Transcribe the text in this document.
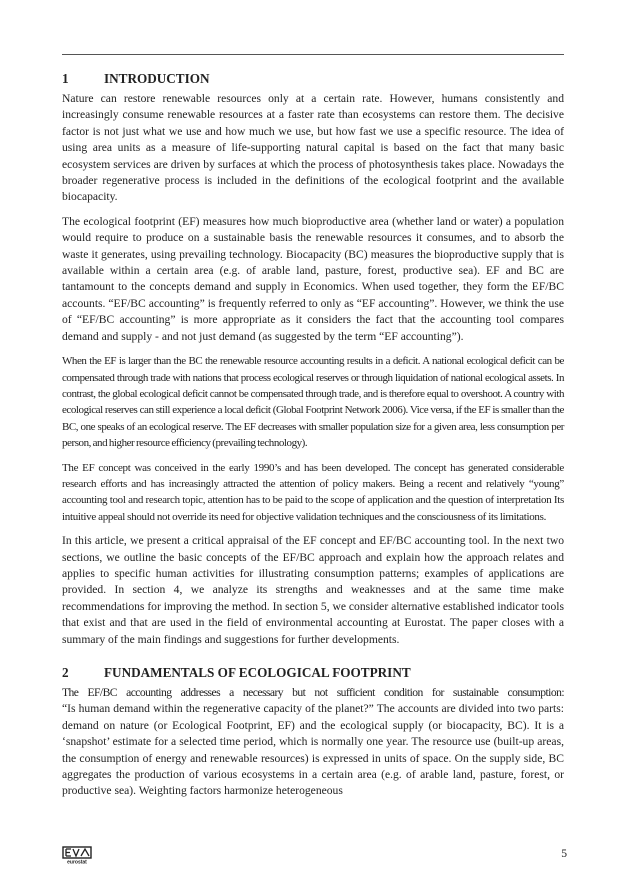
1	INTRODUCTION

Nature can restore renewable resources only at a certain rate. However, humans consistently and increasingly consume renewable resources at a faster rate than ecosystems can restore them. The decisive factor is not just what we use and how much we use, but how fast we use a specific resource. The idea of using area units as a measure of life-supporting natural capital is based on the fact that many basic ecosystem services are driven by surfaces at which the process of photosynthesis takes place. Nowadays the broader regenerative process is included in the definitions of the ecological footprint and the available biocapacity.

The ecological footprint (EF) measures how much bioproductive area (whether land or water) a population would require to produce on a sustainable basis the renewable resources it consumes, and to absorb the waste it generates, using prevailing technology. Biocapacity (BC) measures the bioproductive supply that is available within a certain area (e.g. of arable land, pasture, forest, productive sea). EF and BC are tantamount to the concepts demand and supply in Economics. When used together, they form the EF/BC accounts. “EF/BC accounting” is frequently referred to only as “EF accounting”. However, we think the use of “EF/BC accounting” is more appropriate as it considers the fact that the accounting tool compares demand and supply - and not just demand (as suggested by the term “EF accounting”).

When the EF is larger than the BC the renewable resource accounting results in a deficit. A national ecological deficit can be compensated through trade with nations that process ecological reserves or through liquidation of national ecological assets. In contrast, the global ecological deficit cannot be compensated through trade, and is therefore equal to overshoot. A country with ecological reserves can still experience a local deficit (Global Footprint Network 2006). Vice versa, if the EF is smaller than the BC, one speaks of an ecological reserve. The EF decreases with smaller population size for a given area, less consumption per person, and higher resource efficiency (prevailing technology).

The EF concept was conceived in the early 1990’s and has been developed. The concept has generated considerable research efforts and has increasingly attracted the attention of policy makers. Being a recent and relatively “young” accounting tool and research topic, attention has to be paid to the scope of application and the question of interpretation Its intuitive appeal should not override its need for objective validation techniques and the consciousness of its limitations.

In this article, we present a critical appraisal of the EF concept and EF/BC accounting tool. In the next two sections, we outline the basic concepts of the EF/BC approach and explain how the approach relates and applies to specific human activities for illustrating consumption patterns; examples of applications are provided. In section 4, we analyze its strengths and weaknesses and at the same time make recommendations for improving the method. In section 5, we consider alternative established indicator tools that exist and that are used in the field of environmental accounting at Eurostat. The paper closes with a summary of the main findings and suggestions for further developments.

2	FUNDAMENTALS OF ECOLOGICAL FOOTPRINT

The EF/BC accounting addresses a necessary but not sufficient condition for sustainable consumption:
“Is human demand within the regenerative capacity of the planet?” The accounts are divided into two parts: demand on nature (or Ecological Footprint, EF) and the ecological supply (or biocapacity, BC). It is a ‘snapshot’ estimate for a selected time period, which is normally one year. The resource use (built-up areas, the consumption of energy and renewable resources) is expressed in units of space. On the supply side, BC aggregates the production of various ecosystems in a certain area (e.g. of arable land, pasture, forest, or productive sea). Weighting factors harmonize heterogeneous

eurostat
5
